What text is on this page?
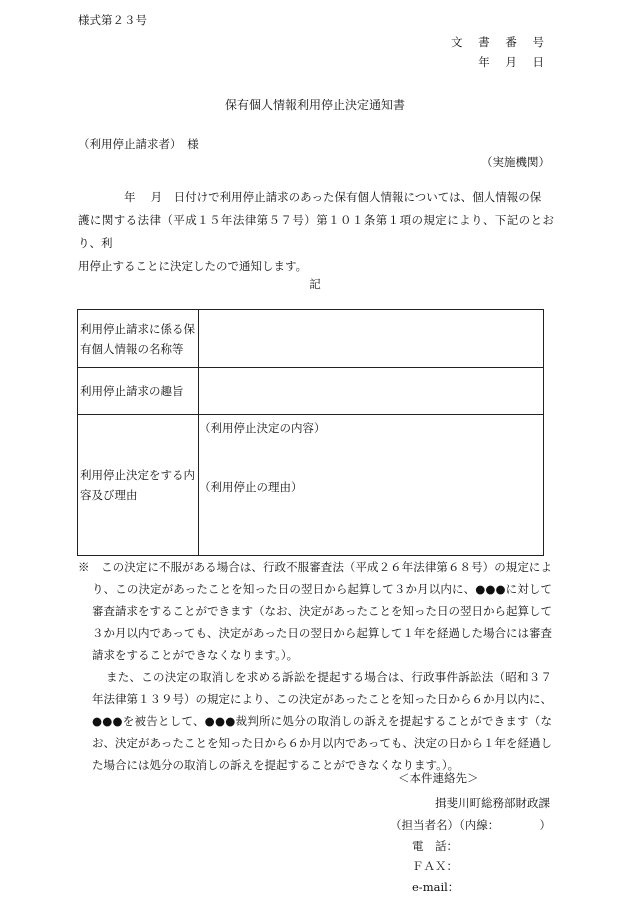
様式第２３号
文 書 番 号
年 月 日
保有個人情報利用停止決定通知書
（利用停止請求者）　様
（実施機関）
年　 月　日付けで利用停止請求のあった保有個人情報については、個人情報の保
護に関する法律（平成１５年法律第５７号）第１０１条第１項の規定により、下記のとおり、利
用停止することに決定したので通知します。
記
利用停止請求に係る保有個人情報の名称等	
利用停止請求の趣旨	
利用停止決定をする内容及び理由	（利用停止決定の内容）
（利用停止の理由）

※　 この決定に不服がある場合は、行政不服審査法（平成２６年法律第６８号）の規定により、この決定があったことを知った日の翌日から起算して３か月以内に、●●●に対して審査請求をすることができます（なお、決定があったことを知った日の翌日から起算して３か月以内であっても、決定があった日の翌日から起算して１年を経過した場合には審査請求をすることができなくなります。）。

また、この決定の取消しを求める訴訟を提起する場合は、行政事件訴訟法（昭和３７年法律第１３９号）の規定により、この決定があったことを知った日から６か月以内に、●●●を被告として、●●●裁判所に処分の取消しの訴えを提起することができます（なお、決定があったことを知った日から６か月以内であっても、決定の日から１年を経過した場合には処分の取消しの訴えを提起することができなくなります。）。

＜本件連絡先＞
揖斐川町総務部財政課
（担当者名）（内線：　　　　）
電　話：
ＦＡＸ：
e-mail：
